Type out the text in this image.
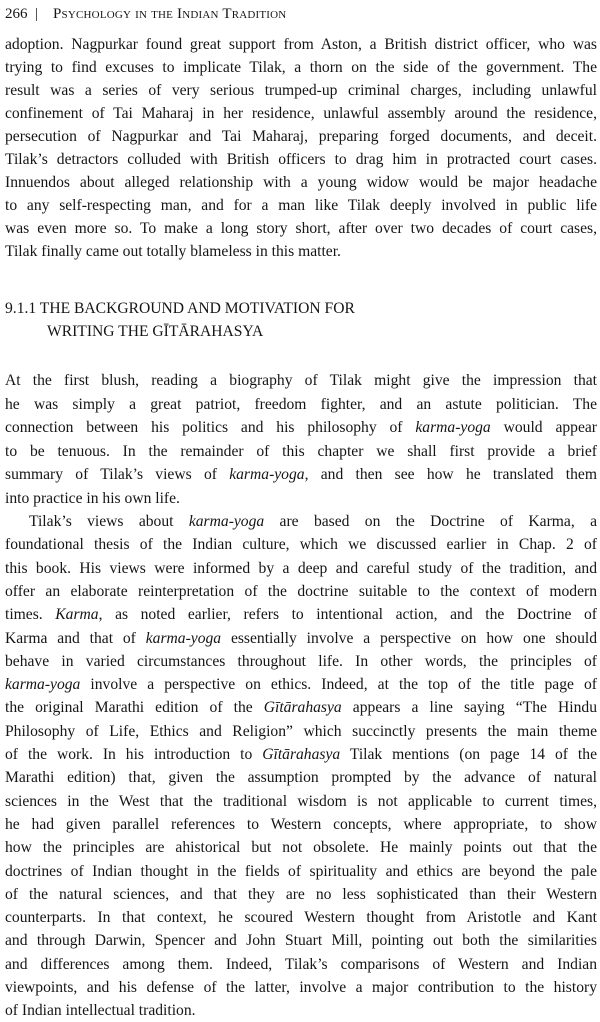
266 | Psychology in the Indian Tradition
adoption. Nagpurkar found great support from Aston, a British district officer, who was
trying to find excuses to implicate Tilak, a thorn on the side of the government. The
result was a series of very serious trumped-up criminal charges, including unlawful
confinement of Tai Maharaj in her residence, unlawful assembly around the residence,
persecution of Nagpurkar and Tai Maharaj, preparing forged documents, and deceit.
Tilak’s detractors colluded with British officers to drag him in protracted court cases.
Innuendos about alleged relationship with a young widow would be major headache
to any self-respecting man, and for a man like Tilak deeply involved in public life
was even more so. To make a long story short, after over two decades of court cases,
Tilak finally came out totally blameless in this matter.
9.1.1 THE BACKGROUND AND MOTIVATION FOR
WRITING THE GĪTĀRAHASYA
At the first blush, reading a biography of Tilak might give the impression that
he was simply a great patriot, freedom fighter, and an astute politician. The
connection between his politics and his philosophy of karma-yoga would appear
to be tenuous. In the remainder of this chapter we shall first provide a brief
summary of Tilak’s views of karma-yoga, and then see how he translated them
into practice in his own life.
Tilak’s views about karma-yoga are based on the Doctrine of Karma, a
foundational thesis of the Indian culture, which we discussed earlier in Chap. 2 of
this book. His views were informed by a deep and careful study of the tradition, and
offer an elaborate reinterpretation of the doctrine suitable to the context of modern
times. Karma, as noted earlier, refers to intentional action, and the Doctrine of
Karma and that of karma-yoga essentially involve a perspective on how one should
behave in varied circumstances throughout life. In other words, the principles of
karma-yoga involve a perspective on ethics. Indeed, at the top of the title page of
the original Marathi edition of the Gītārahasya appears a line saying “The Hindu
Philosophy of Life, Ethics and Religion” which succinctly presents the main theme
of the work. In his introduction to Gītārahasya Tilak mentions (on page 14 of the
Marathi edition) that, given the assumption prompted by the advance of natural
sciences in the West that the traditional wisdom is not applicable to current times,
he had given parallel references to Western concepts, where appropriate, to show
how the principles are ahistorical but not obsolete. He mainly points out that the
doctrines of Indian thought in the fields of spirituality and ethics are beyond the pale
of the natural sciences, and that they are no less sophisticated than their Western
counterparts. In that context, he scoured Western thought from Aristotle and Kant
and through Darwin, Spencer and John Stuart Mill, pointing out both the similarities
and differences among them. Indeed, Tilak’s comparisons of Western and Indian
viewpoints, and his defense of the latter, involve a major contribution to the history
of Indian intellectual tradition.
